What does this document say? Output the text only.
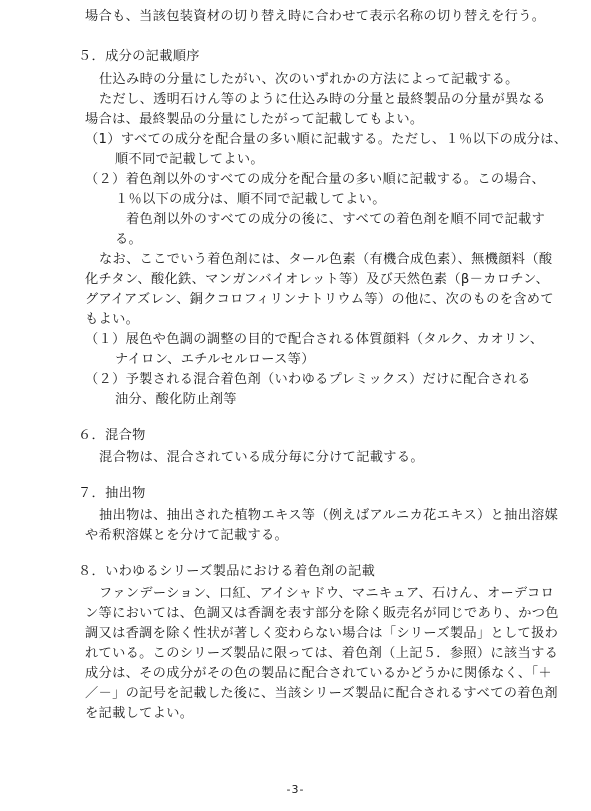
場合も、当該包装資材の切り替え時に合わせて表示名称の切り替えを行う。
５．成分の記載順序
仕込み時の分量にしたがい、次のいずれかの方法によって記載する。
ただし、透明石けん等のように仕込み時の分量と最終製品の分量が異なる
場合は、最終製品の分量にしたがって記載してもよい。
（1）すべての成分を配合量の多い順に記載する。ただし、１％以下の成分は、
順不同で記載してよい。
（２）着色剤以外のすべての成分を配合量の多い順に記載する。この場合、
１％以下の成分は、順不同で記載してよい。
着色剤以外のすべての成分の後に、すべての着色剤を順不同で記載す
る。
なお、ここでいう着色剤には、タール色素（有機合成色素）、無機顔料（酸
化チタン、酸化鉄、マンガンバイオレット等）及び天然色素（β－カロチン、
グアイアズレン、銅クコロフィリンナトリウム等）の他に、次のものを含めて
もよい。
（１）展色や色調の調整の目的で配合される体質顔料（タルク、カオリン、
ナイロン、エチルセルロース等）
（２）予製される混合着色剤（いわゆるプレミックス）だけに配合される
油分、酸化防止剤等
６．混合物
混合物は、混合されている成分毎に分けて記載する。
７．抽出物
抽出物は、抽出された植物エキス等（例えばアルニカ花エキス）と抽出溶媒
や希釈溶媒とを分けて記載する。
８．いわゆるシリーズ製品における着色剤の記載
ファンデーション、口紅、アイシャドウ、マニキュア、石けん、オーデコロ
ン等においては、色調又は香調を表す部分を除く販売名が同じであり、かつ色
調又は香調を除く性状が著しく変わらない場合は「シリーズ製品」として扱わ
れている。このシリーズ製品に限っては、着色剤（上記５．参照）に該当する
成分は、その成分がその色の製品に配合されているかどうかに関係なく、「＋
／－」の記号を記載した後に、当該シリーズ製品に配合されるすべての着色剤
を記載してよい。
-3-
